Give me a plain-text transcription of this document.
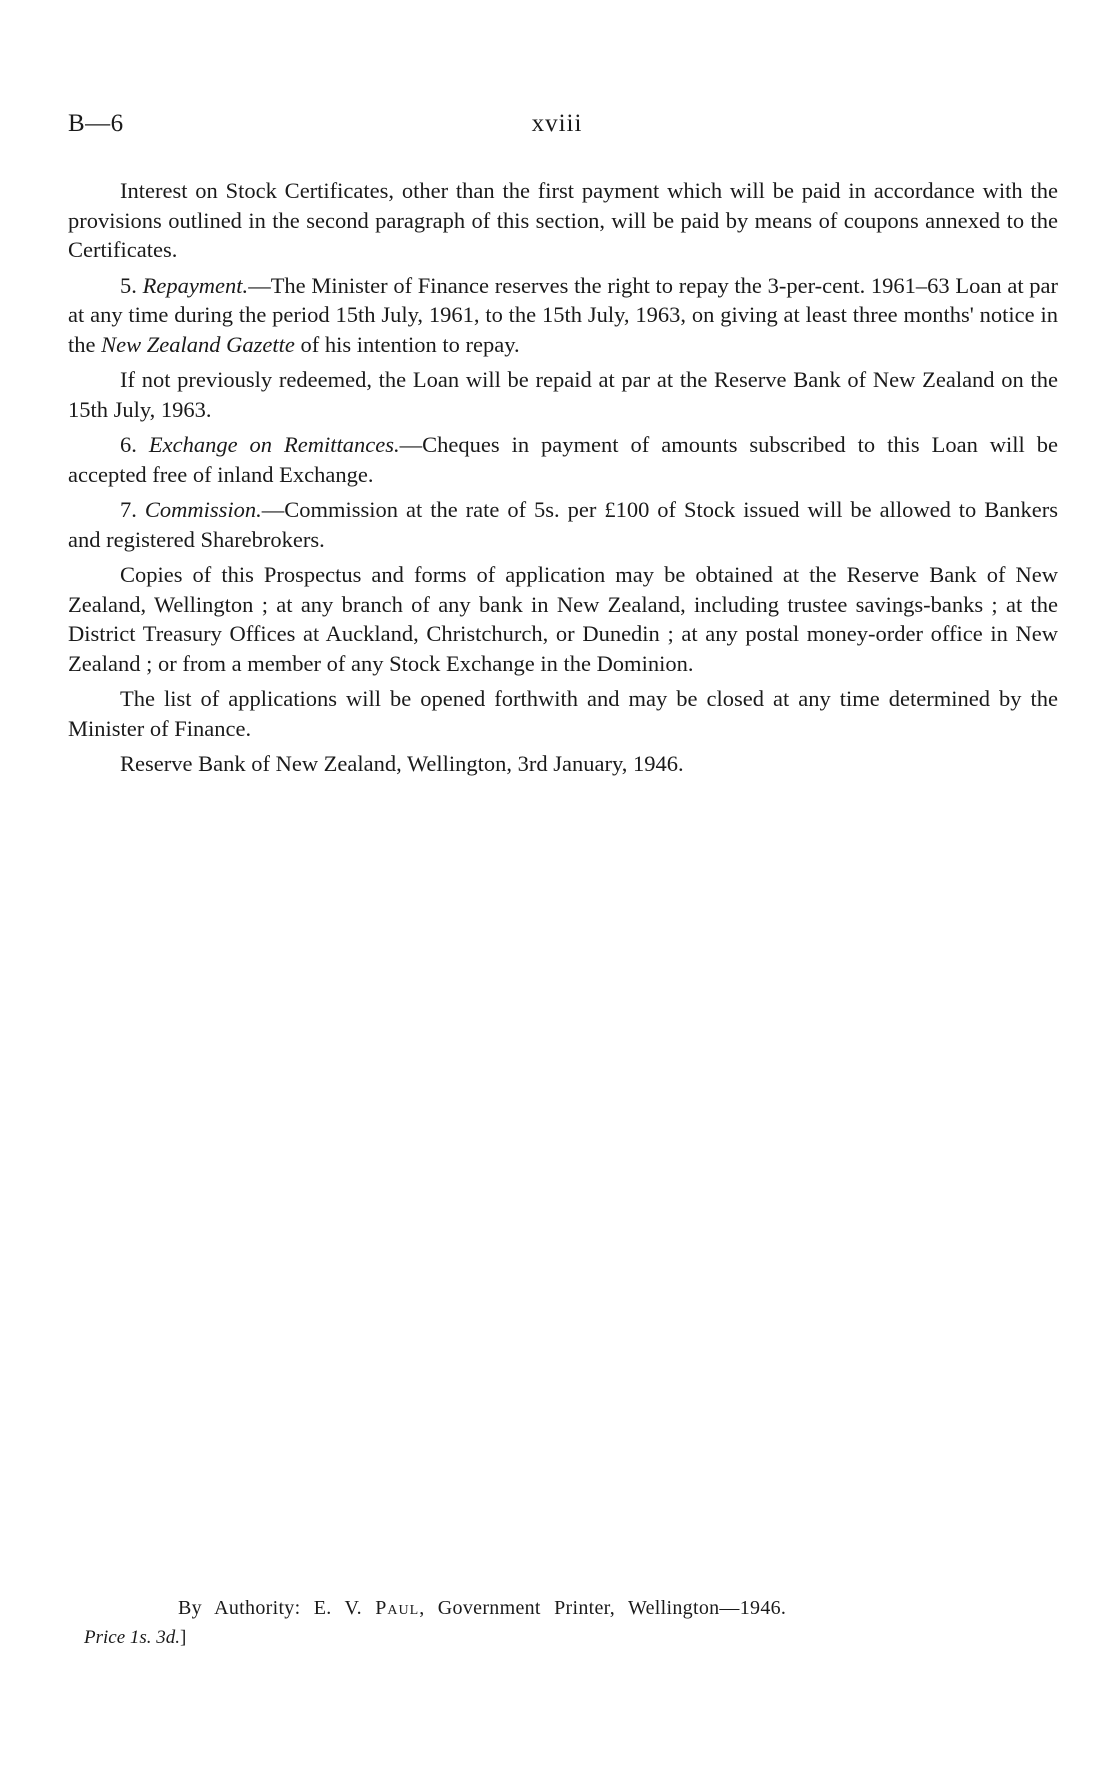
B—6	xviii

Interest on Stock Certificates, other than the first payment which will be paid in accordance with the provisions outlined in the second paragraph of this section, will be paid by means of coupons annexed to the Certificates.

5. Repayment.—The Minister of Finance reserves the right to repay the 3-per-cent. 1961–63 Loan at par at any time during the period 15th July, 1961, to the 15th July, 1963, on giving at least three months' notice in the New Zealand Gazette of his intention to repay.

If not previously redeemed, the Loan will be repaid at par at the Reserve Bank of New Zealand on the 15th July, 1963.

6. Exchange on Remittances.—Cheques in payment of amounts subscribed to this Loan will be accepted free of inland Exchange.

7. Commission.—Commission at the rate of 5s. per £100 of Stock issued will be allowed to Bankers and registered Sharebrokers.

Copies of this Prospectus and forms of application may be obtained at the Reserve Bank of New Zealand, Wellington ; at any branch of any bank in New Zealand, including trustee savings-banks ; at the District Treasury Offices at Auckland, Christchurch, or Dunedin ; at any postal money-order office in New Zealand ; or from a member of any Stock Exchange in the Dominion.

The list of applications will be opened forthwith and may be closed at any time determined by the Minister of Finance.

Reserve Bank of New Zealand, Wellington, 3rd January, 1946.

By Authority: E. V. Paul, Government Printer, Wellington—1946.
Price 1s. 3d.]
